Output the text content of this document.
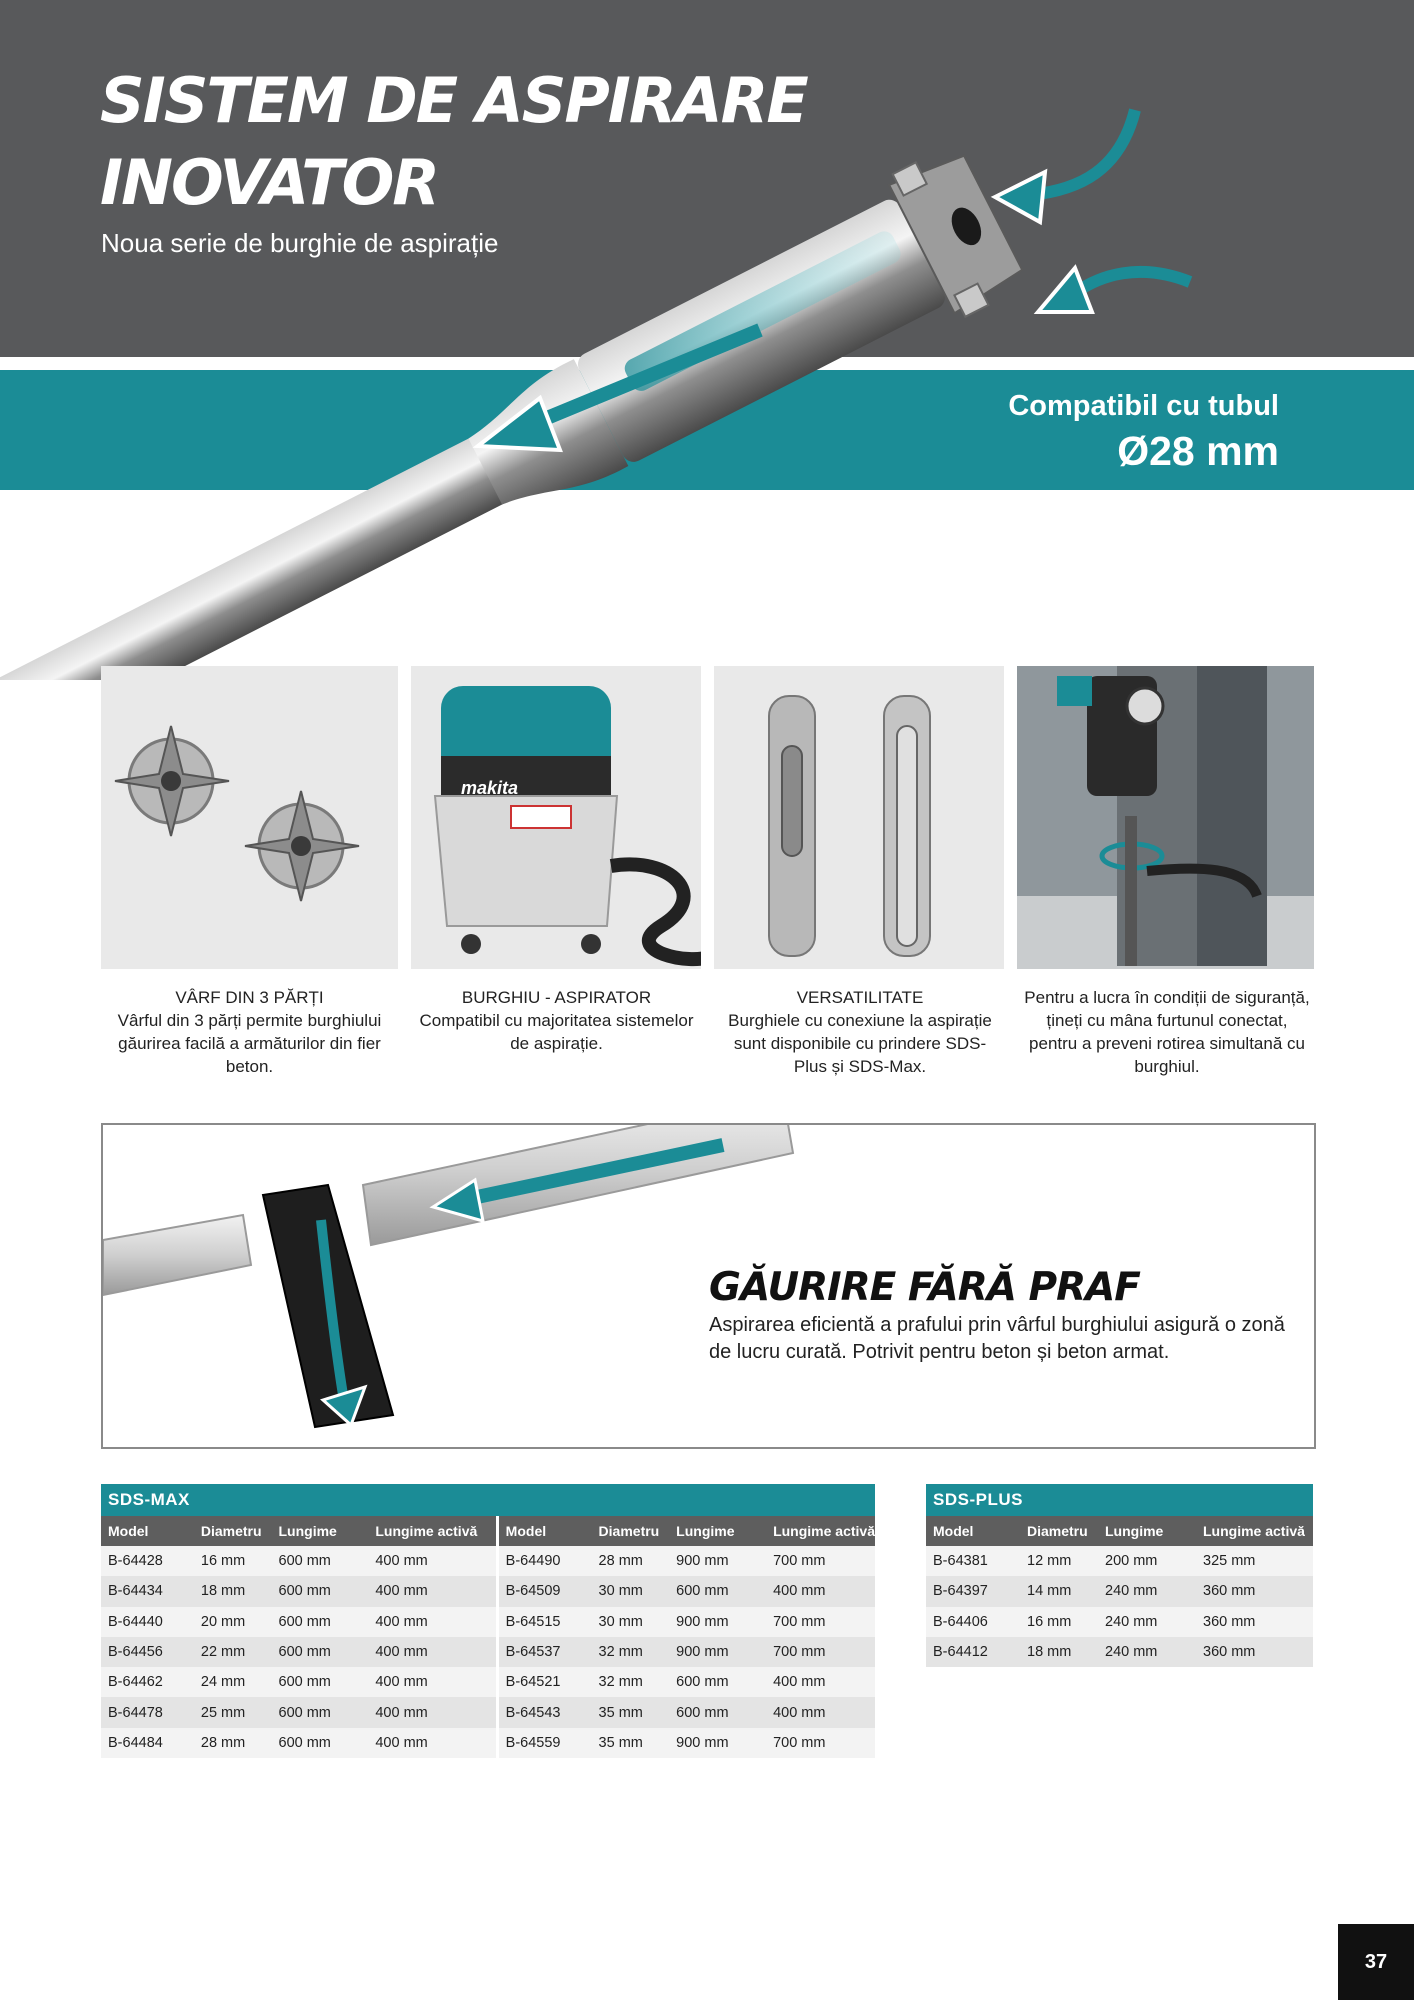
SISTEM DE ASPIRARE
INOVATOR
Noua serie de burghie de aspirație
Compatibil cu tubul
Ø28 mm
makita
VÂRF DIN 3 PĂRȚI
Vârful din 3 părți permite burghiului găurirea facilă a armăturilor din fier beton.
BURGHIU - ASPIRATOR
Compatibil cu majoritatea sistemelor de aspirație.
VERSATILITATE
Burghiele cu conexiune la aspirație sunt disponibile cu prindere SDS-Plus și SDS-Max.
Pentru a lucra în condiții de siguranță, țineți cu mâna furtunul conectat, pentru a preveni rotirea simultană cu burghiul.
GĂURIRE FĂRĂ PRAF
Aspirarea eficientă a prafului prin vârful burghiului asigură o zonă de lucru curată. Potrivit pentru beton și beton armat.
SDS-MAX							
Model	Diametru	Lungime	Lungime activă	Model	Diametru	Lungime	Lungime activă
B-64428	16 mm	600 mm	400 mm	B-64490	28 mm	900 mm	700 mm
B-64434	18 mm	600 mm	400 mm	B-64509	30 mm	600 mm	400 mm
B-64440	20 mm	600 mm	400 mm	B-64515	30 mm	900 mm	700 mm
B-64456	22 mm	600 mm	400 mm	B-64537	32 mm	900 mm	700 mm
B-64462	24 mm	600 mm	400 mm	B-64521	32 mm	600 mm	400 mm
B-64478	25 mm	600 mm	400 mm	B-64543	35 mm	600 mm	400 mm
B-64484	28 mm	600 mm	400 mm	B-64559	35 mm	900 mm	700 mm
SDS-PLUS			
Model	Diametru	Lungime	Lungime activă
B-64381	12 mm	200 mm	325 mm
B-64397	14 mm	240 mm	360 mm
B-64406	16 mm	240 mm	360 mm
B-64412	18 mm	240 mm	360 mm
37
